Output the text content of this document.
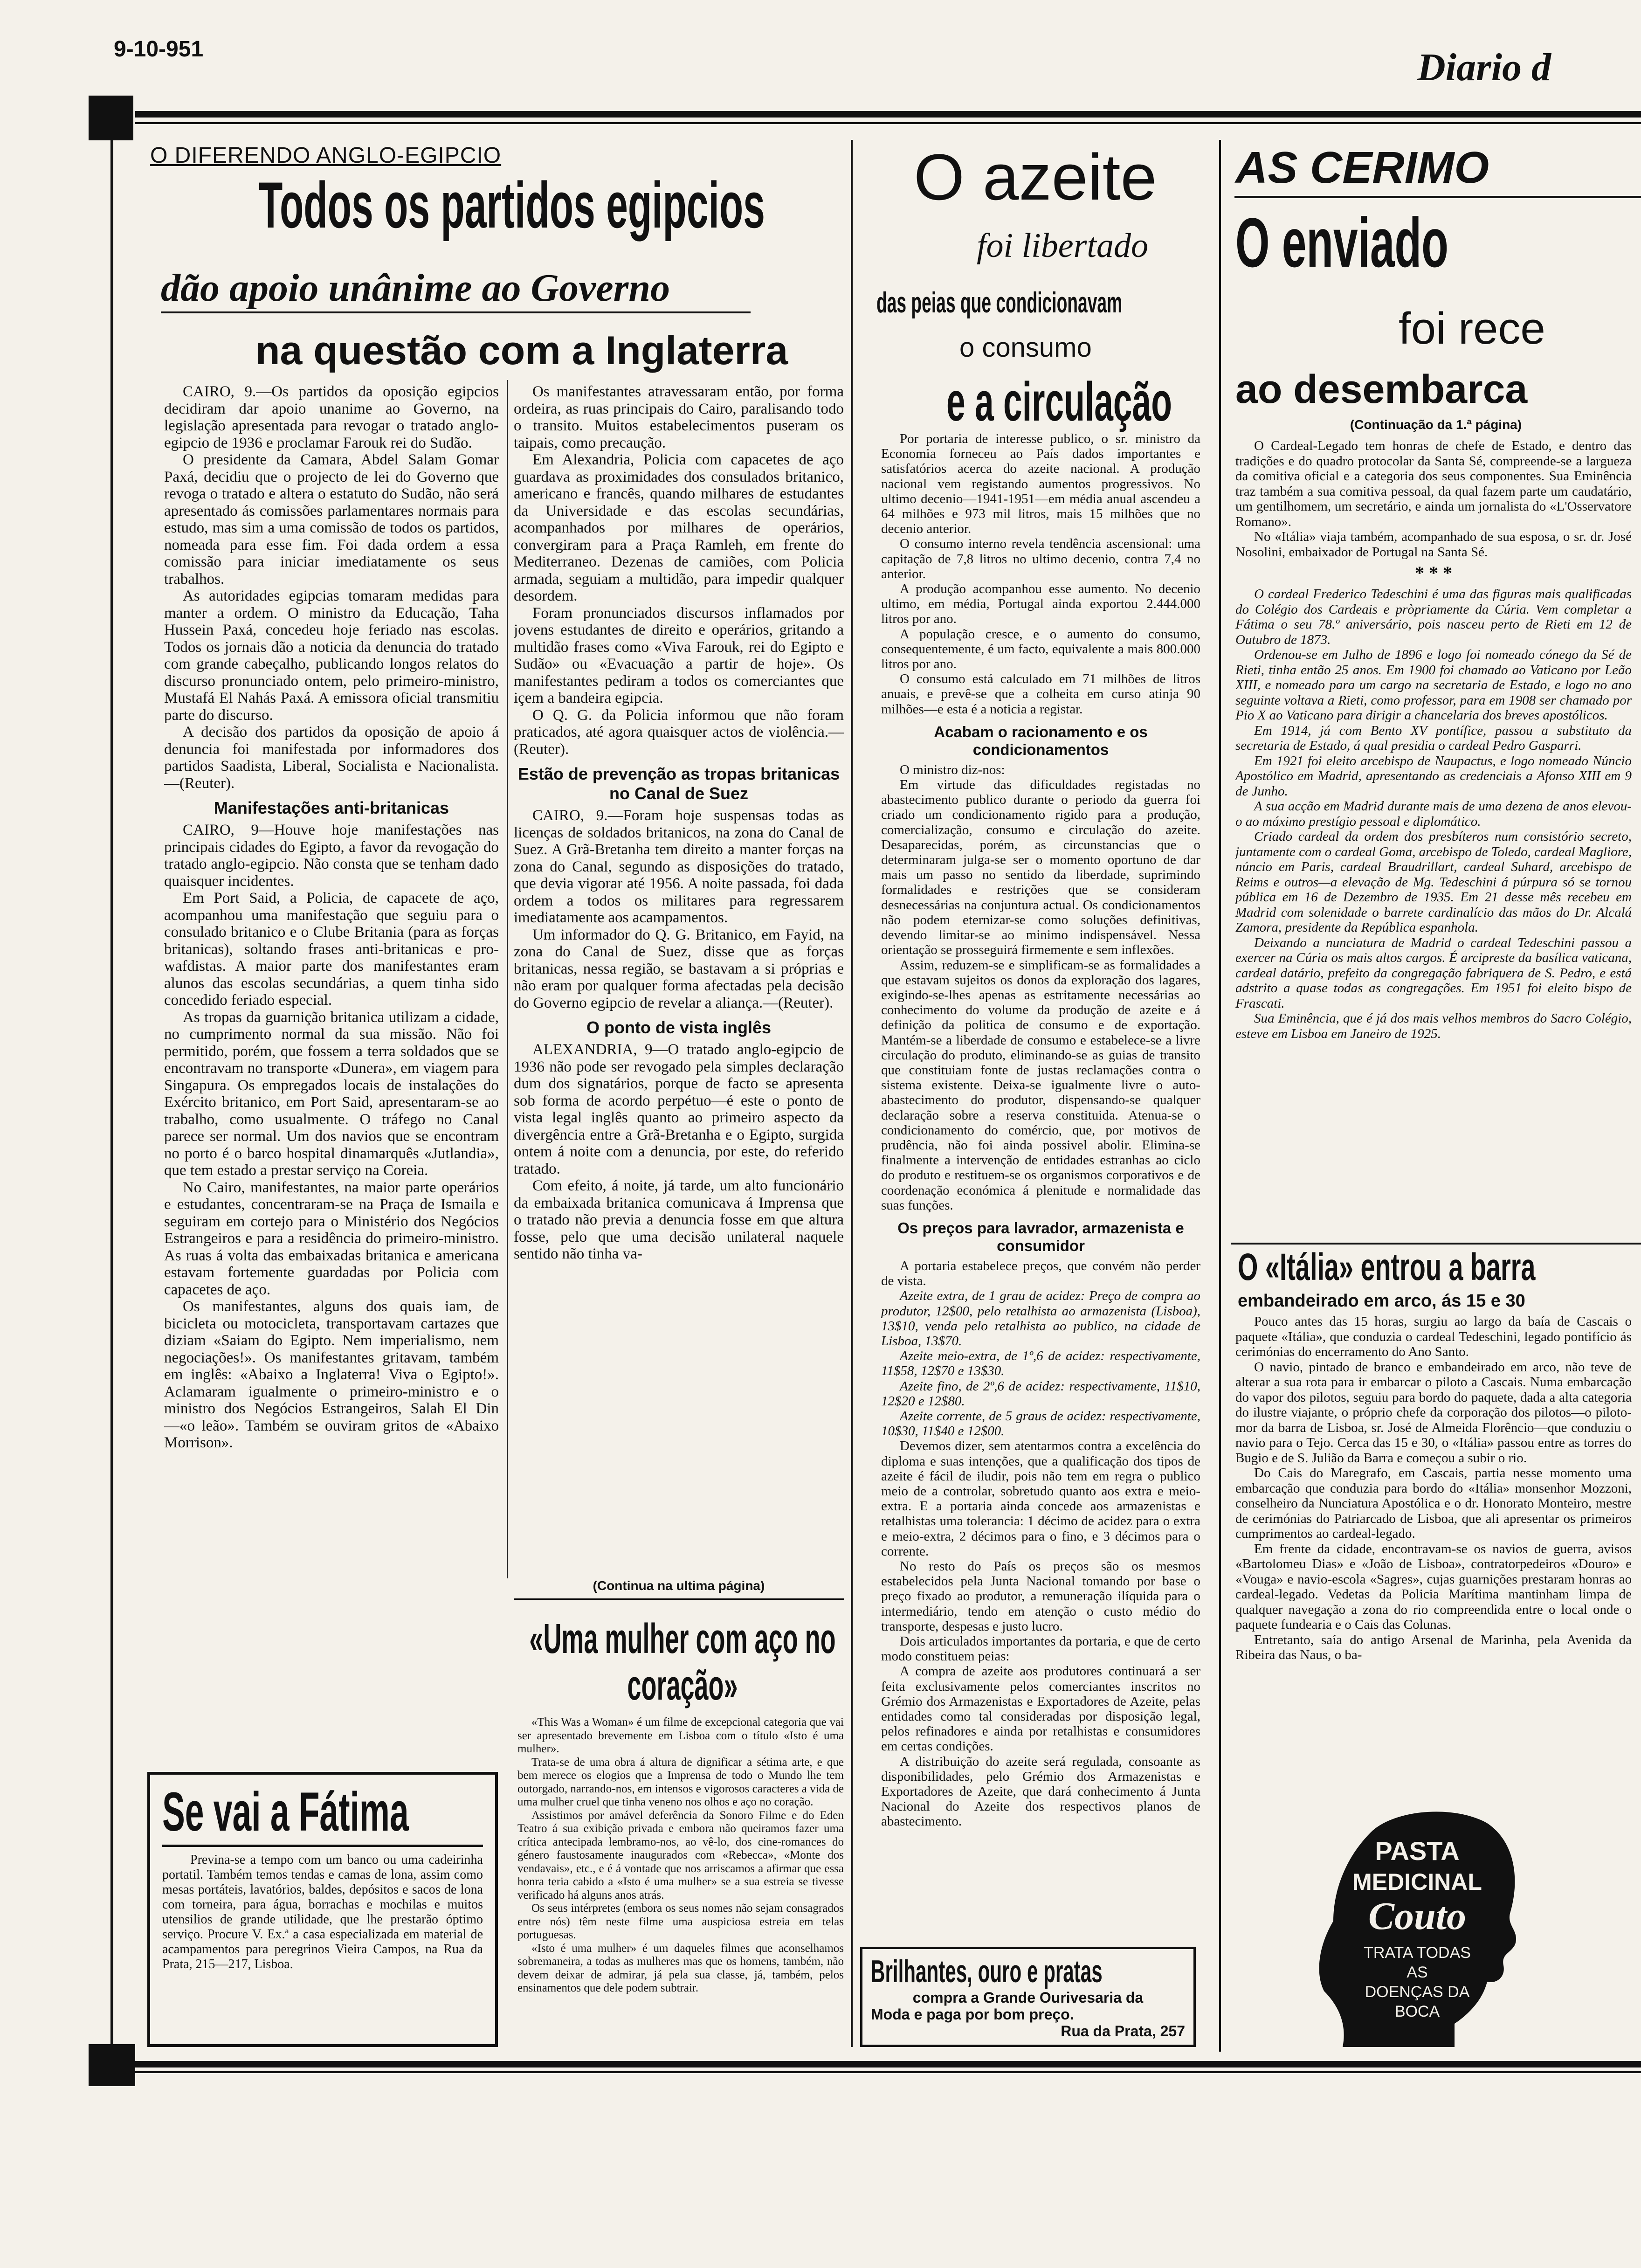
9-10-951	Diario d
O DIFERENDO ANGLO-EGIPCIO
Todos os partidos egipcios
dão apoio unânime ao Governo
na questão com a Inglaterra

CAIRO, 9.—Os partidos da oposição egipcios decidiram dar apoio unanime ao Governo, na legislação apresentada para revogar o tratado anglo-egipcio de 1936 e proclamar Farouk rei do Sudão.

O presidente da Camara, Abdel Salam Gomar Paxá, decidiu que o projecto de lei do Governo que revoga o tratado e altera o estatuto do Sudão, não será apresentado ás comissões parlamentares normais para estudo, mas sim a uma comissão de todos os partidos, nomeada para esse fim. Foi dada ordem a essa comissão para iniciar imediatamente os seus trabalhos.

As autoridades egipcias tomaram medidas para manter a ordem. O ministro da Educação, Taha Hussein Paxá, concedeu hoje feriado nas escolas. Todos os jornais dão a noticia da denuncia do tratado com grande cabeçalho, publicando longos relatos do discurso pronunciado ontem, pelo primeiro-ministro, Mustafá El Nahás Paxá. A emissora oficial transmitiu parte do discurso.

A decisão dos partidos da oposição de apoio á denuncia foi manifestada por informadores dos partidos Saadista, Liberal, Socialista e Nacionalista.—(Reuter).

Manifestações anti-britanicas

CAIRO, 9—Houve hoje manifestações nas principais cidades do Egipto, a favor da revogação do tratado anglo-egipcio. Não consta que se tenham dado quaisquer incidentes.

Em Port Said, a Policia, de capacete de aço, acompanhou uma manifestação que seguiu para o consulado britanico e o Clube Britania (para as forças britanicas), soltando frases anti-britanicas e pro-wafdistas. A maior parte dos manifestantes eram alunos das escolas secundárias, a quem tinha sido concedido feriado especial.

As tropas da guarnição britanica utilizam a cidade, no cumprimento normal da sua missão. Não foi permitido, porém, que fossem a terra soldados que se encontravam no transporte «Dunera», em viagem para Singapura. Os empregados locais de instalações do Exército britanico, em Port Said, apresentaram-se ao trabalho, como usualmente. O tráfego no Canal parece ser normal. Um dos navios que se encontram no porto é o barco hospital dinamarquês «Jutlandia», que tem estado a prestar serviço na Coreia.

No Cairo, manifestantes, na maior parte operários e estudantes, concentraram-se na Praça de Ismaila e seguiram em cortejo para o Ministério dos Negócios Estrangeiros e para a residência do primeiro-ministro. As ruas á volta das embaixadas britanica e americana estavam fortemente guardadas por Policia com capacetes de aço.

Os manifestantes, alguns dos quais iam, de bicicleta ou motocicleta, transportavam cartazes que diziam «Saiam do Egipto. Nem imperialismo, nem negociações!». Os manifestantes gritavam, também em inglês: «Abaixo a Inglaterra! Viva o Egipto!». Aclamaram igualmente o primeiro-ministro e o ministro dos Negócios Estrangeiros, Salah El Din—«o leão». Também se ouviram gritos de «Abaixo Morrison».

Os manifestantes atravessaram então, por forma ordeira, as ruas principais do Cairo, paralisando todo o transito. Muitos estabelecimentos puseram os taipais, como precaução.

Em Alexandria, Policia com capacetes de aço guardava as proximidades dos consulados britanico, americano e francês, quando milhares de estudantes da Universidade e das escolas secundárias, acompanhados por milhares de operários, convergiram para a Praça Ramleh, em frente do Mediterraneo. Dezenas de camiões, com Policia armada, seguiam a multidão, para impedir qualquer desordem.

Foram pronunciados discursos inflamados por jovens estudantes de direito e operários, gritando a multidão frases como «Viva Farouk, rei do Egipto e Sudão» ou «Evacuação a partir de hoje». Os manifestantes pediram a todos os comerciantes que içem a bandeira egipcia.

O Q. G. da Policia informou que não foram praticados, até agora quaisquer actos de violência.—(Reuter).

Estão de prevenção as tropas britanicas no Canal de Suez

CAIRO, 9.—Foram hoje suspensas todas as licenças de soldados britanicos, na zona do Canal de Suez. A Grã-Bretanha tem direito a manter forças na zona do Canal, segundo as disposições do tratado, que devia vigorar até 1956. A noite passada, foi dada ordem a todos os militares para regressarem imediatamente aos acampamentos.

Um informador do Q. G. Britanico, em Fayid, na zona do Canal de Suez, disse que as forças britanicas, nessa região, se bastavam a si próprias e não eram por qualquer forma afectadas pela decisão do Governo egipcio de revelar a aliança.—(Reuter).

O ponto de vista inglês

ALEXANDRIA, 9—O tratado anglo-egipcio de 1936 não pode ser revogado pela simples declaração dum dos signatários, porque de facto se apresenta sob forma de acordo perpétuo—é este o ponto de vista legal inglês quanto ao primeiro aspecto da divergência entre a Grã-Bretanha e o Egipto, surgida ontem á noite com a denuncia, por este, do referido tratado.

Com efeito, á noite, já tarde, um alto funcionário da embaixada britanica comunicava á Imprensa que o tratado não previa a denuncia fosse em que altura fosse, pelo que uma decisão unilateral naquele sentido não tinha va-

(Continua na ultima página)
«Uma mulher com aço no coração»

«This Was a Woman» é um filme de excepcional categoria que vai ser apresentado brevemente em Lisboa com o título «Isto é uma mulher».

Trata-se de uma obra á altura de dignificar a sétima arte, e que bem merece os elogios que a Imprensa de todo o Mundo lhe tem outorgado, narrando-nos, em intensos e vigorosos caracteres a vida de uma mulher cruel que tinha veneno nos olhos e aço no coração.

Assistimos por amável deferência da Sonoro Filme e do Eden Teatro á sua exibição privada e embora não queiramos fazer uma crítica antecipada lembramo-nos, ao vê-lo, dos cine-romances do género faustosamente inaugurados com «Rebecca», «Monte dos vendavais», etc., e é á vontade que nos arriscamos a afirmar que essa honra teria cabido a «Isto é uma mulher» se a sua estreia se tivesse verificado há alguns anos atrás.

Os seus intérpretes (embora os seus nomes não sejam consagrados entre nós) têm neste filme uma auspiciosa estreia em telas portuguesas.

«Isto é uma mulher» é um daqueles filmes que aconselhamos sobremaneira, a todas as mulheres mas que os homens, também, não devem deixar de admirar, já pela sua classe, já, também, pelos ensinamentos que dele podem subtrair.

Se vai a Fátima
Previna-se a tempo com um banco ou uma cadeirinha portatil. Também temos tendas e camas de lona, assim como mesas portáteis, lavatórios, baldes, depósitos e sacos de lona com torneira, para água, borrachas e mochilas e muitos utensilios de grande utilidade, que lhe prestarão óptimo serviço. Procure V. Ex.ª a casa especializada em material de acampamentos para peregrinos Vieira Campos, na Rua da Prata, 215—217, Lisboa.
O azeite
foi libertado
das peias que condicionavam
o consumo
e a circulação

Por portaria de interesse publico, o sr. ministro da Economia forneceu ao País dados importantes e satisfatórios acerca do azeite nacional. A produção nacional vem registando aumentos progressivos. No ultimo decenio—1941-1951—em média anual ascendeu a 64 milhões e 973 mil litros, mais 15 milhões que no decenio anterior.

O consumo interno revela tendência ascensional: uma capitação de 7,8 litros no ultimo decenio, contra 7,4 no anterior.

A produção acompanhou esse aumento. No decenio ultimo, em média, Portugal ainda exportou 2.444.000 litros por ano.

A população cresce, e o aumento do consumo, consequentemente, é um facto, equivalente a mais 800.000 litros por ano.

O consumo está calculado em 71 milhões de litros anuais, e prevê-se que a colheita em curso atinja 90 milhões—e esta é a noticia a registar.

Acabam o racionamento e os condicionamentos

O ministro diz-nos:

Em virtude das dificuldades registadas no abastecimento publico durante o periodo da guerra foi criado um condicionamento rigido para a produção, comercialização, consumo e circulação do azeite. Desaparecidas, porém, as circunstancias que o determinaram julga-se ser o momento oportuno de dar mais um passo no sentido da liberdade, suprimindo formalidades e restrições que se consideram desnecessárias na conjuntura actual. Os condicionamentos não podem eternizar-se como soluções definitivas, devendo limitar-se ao minimo indispensável. Nessa orientação se prosseguirá firmemente e sem inflexões.

Assim, reduzem-se e simplificam-se as formalidades a que estavam sujeitos os donos da exploração dos lagares, exigindo-se-lhes apenas as estritamente necessárias ao conhecimento do volume da produção de azeite e á definição da politica de consumo e de exportação. Mantém-se a liberdade de consumo e estabelece-se a livre circulação do produto, eliminando-se as guias de transito que constituiam fonte de justas reclamações contra o sistema existente. Deixa-se igualmente livre o auto-abastecimento do produtor, dispensando-se qualquer declaração sobre a reserva constituida. Atenua-se o condicionamento do comércio, que, por motivos de prudência, não foi ainda possivel abolir. Elimina-se finalmente a intervenção de entidades estranhas ao ciclo do produto e restituem-se os organismos corporativos e de coordenação económica á plenitude e normalidade das suas funções.

Os preços para lavrador, armazenista e consumidor

A portaria estabelece preços, que convém não perder de vista.

Azeite extra, de 1 grau de acidez: Preço de compra ao produtor, 12$00, pelo retalhista ao armazenista (Lisboa), 13$10, venda pelo retalhista ao publico, na cidade de Lisboa, 13$70.

Azeite meio-extra, de 1º,6 de acidez: respectivamente, 11$58, 12$70 e 13$30.

Azeite fino, de 2º,6 de acidez: respectivamente, 11$10, 12$20 e 12$80.

Azeite corrente, de 5 graus de acidez: respectivamente, 10$30, 11$40 e 12$00.

Devemos dizer, sem atentarmos contra a excelência do diploma e suas intenções, que a qualificação dos tipos de azeite é fácil de iludir, pois não tem em regra o publico meio de a controlar, sobretudo quanto aos extra e meio-extra. E a portaria ainda concede aos armazenistas e retalhistas uma tolerancia: 1 décimo de acidez para o extra e meio-extra, 2 décimos para o fino, e 3 décimos para o corrente.

No resto do País os preços são os mesmos estabelecidos pela Junta Nacional tomando por base o preço fixado ao produtor, a remuneração ilíquida para o intermediário, tendo em atenção o custo médio do transporte, despesas e justo lucro.

Dois articulados importantes da portaria, e que de certo modo constituem peias:

A compra de azeite aos produtores continuará a ser feita exclusivamente pelos comerciantes inscritos no Grémio dos Armazenistas e Exportadores de Azeite, pelas entidades como tal consideradas por disposição legal, pelos refinadores e ainda por retalhistas e consumidores em certas condições.

A distribuição do azeite será regulada, consoante as disponibilidades, pelo Grémio dos Armazenistas e Exportadores de Azeite, que dará conhecimento á Junta Nacional do Azeite dos respectivos planos de abastecimento.

Brilhantes, ouro e pratas
compra a Grande Ourivesaria da
Moda e paga por bom preço.
Rua da Prata, 257
AS CERIMO
O enviado
foi rece
ao desembarca
(Continuação da 1.ª página)

O Cardeal-Legado tem honras de chefe de Estado, e dentro das tradições e do quadro protocolar da Santa Sé, compreende-se a largueza da comitiva oficial e a categoria dos seus componentes. Sua Eminência traz também a sua comitiva pessoal, da qual fazem parte um caudatário, um gentilhomem, um secretário, e ainda um jornalista do «L'Osservatore Romano».

No «Itália» viaja também, acompanhado de sua esposa, o sr. dr. José Nosolini, embaixador de Portugal na Santa Sé.

* * *

O cardeal Frederico Tedeschini é uma das figuras mais qualificadas do Colégio dos Cardeais e pròpriamente da Cúria. Vem completar a Fátima o seu 78.º aniversário, pois nasceu perto de Rieti em 12 de Outubro de 1873.

Ordenou-se em Julho de 1896 e logo foi nomeado cónego da Sé de Rieti, tinha então 25 anos. Em 1900 foi chamado ao Vaticano por Leão XIII, e nomeado para um cargo na secretaria de Estado, e logo no ano seguinte voltava a Rieti, como professor, para em 1908 ser chamado por Pio X ao Vaticano para dirigir a chancelaria dos breves apostólicos.

Em 1914, já com Bento XV pontífice, passou a substituto da secretaria de Estado, á qual presidia o cardeal Pedro Gasparri.

Em 1921 foi eleito arcebispo de Naupactus, e logo nomeado Núncio Apostólico em Madrid, apresentando as credenciais a Afonso XIII em 9 de Junho.

A sua acção em Madrid durante mais de uma dezena de anos elevou-o ao máximo prestígio pessoal e diplomático.

Criado cardeal da ordem dos presbíteros num consistório secreto, juntamente com o cardeal Goma, arcebispo de Toledo, cardeal Magliore, núncio em Paris, cardeal Braudrillart, cardeal Suhard, arcebispo de Reims e outros—a elevação de Mg. Tedeschini á púrpura só se tornou pública em 16 de Dezembro de 1935. Em 21 desse mês recebeu em Madrid com solenidade o barrete cardinalício das mãos do Dr. Alcalá Zamora, presidente da República espanhola.

Deixando a nunciatura de Madrid o cardeal Tedeschini passou a exercer na Cúria os mais altos cargos. É arcipreste da basílica vaticana, cardeal datário, prefeito da congregação fabriquera de S. Pedro, e está adstrito a quase todas as congregações. Em 1951 foi eleito bispo de Frascati.

Sua Eminência, que é já dos mais velhos membros do Sacro Colégio, esteve em Lisboa em Janeiro de 1925.

O «Itália» entrou a barra
embandeirado em arco, ás 15 e 30

Pouco antes das 15 horas, surgiu ao largo da baía de Cascais o paquete «Itália», que conduzia o cardeal Tedeschini, legado pontifício ás cerimónias do encerramento do Ano Santo.

O navio, pintado de branco e embandeirado em arco, não teve de alterar a sua rota para ir embarcar o piloto a Cascais. Numa embarcação do vapor dos pilotos, seguiu para bordo do paquete, dada a alta categoria do ilustre viajante, o próprio chefe da corporação dos pilotos—o piloto-mor da barra de Lisboa, sr. José de Almeida Florêncio—que conduziu o navio para o Tejo. Cerca das 15 e 30, o «Itália» passou entre as torres do Bugio e de S. Julião da Barra e começou a subir o rio.

Do Cais do Maregrafo, em Cascais, partia nesse momento uma embarcação que conduzia para bordo do «Itália» monsenhor Mozzoni, conselheiro da Nunciatura Apostólica e o dr. Honorato Monteiro, mestre de cerimónias do Patriarcado de Lisboa, que ali apresentar os primeiros cumprimentos ao cardeal-legado.

Em frente da cidade, encontravam-se os navios de guerra, avisos «Bartolomeu Dias» e «João de Lisboa», contratorpedeiros «Douro» e «Vouga» e navio-escola «Sagres», cujas guarnições prestaram honras ao cardeal-legado. Vedetas da Policia Marítima mantinham limpa de qualquer navegação a zona do rio compreendida entre o local onde o paquete fundearia e o Cais das Colunas.

Entretanto, saía do antigo Arsenal de Marinha, pela Avenida da Ribeira das Naus, o ba-

PASTA
MEDICINAL
Couto
TRATA TODAS
AS
DOENÇAS DA
BOCA
